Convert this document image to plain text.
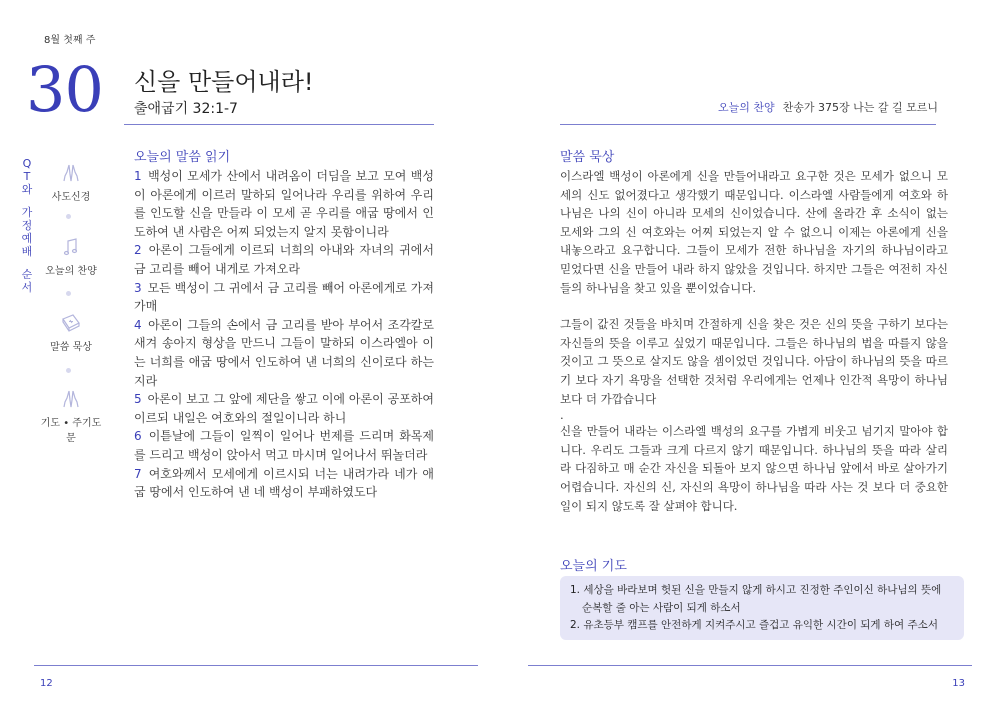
8월 첫째 주
30 신을 만들어내라!
출애굽기 32:1-7	오늘의 찬양 찬송가 375장 나는 갈 길 모르니
Q
T
와
가
정
예
배
순
서
사도신경
오늘의 찬양
말씀 묵상
기도 • 주기도문
오늘의 말씀 읽기
1 백성이 모세가 산에서 내려옴이 더딤을 보고 모여 백성이 아론에게 이르러 말하되 일어나라 우리를 위하여 우리를 인도할 신을 만들라 이 모세 곧 우리를 애굽 땅에서 인도하여 낸 사람은 어찌 되었는지 알지 못함이니라
2 아론이 그들에게 이르되 너희의 아내와 자녀의 귀에서 금 고리를 빼어 내게로 가져오라
3 모든 백성이 그 귀에서 금 고리를 빼어 아론에게로 가져가매
4 아론이 그들의 손에서 금 고리를 받아 부어서 조각칼로 새겨 송아지 형상을 만드니 그들이 말하되 이스라엘아 이는 너희를 애굽 땅에서 인도하여 낸 너희의 신이로다 하는지라
5 아론이 보고 그 앞에 제단을 쌓고 이에 아론이 공포하여 이르되 내일은 여호와의 절일이니라 하니
6 이튿날에 그들이 일찍이 일어나 번제를 드리며 화목제를 드리고 백성이 앉아서 먹고 마시며 일어나서 뛰놀더라
7 여호와께서 모세에게 이르시되 너는 내려가라 네가 애굽 땅에서 인도하여 낸 네 백성이 부패하였도다
말씀 묵상

이스라엘 백성이 아론에게 신을 만들어내라고 요구한 것은 모세가 없으니 모세의 신도 없어졌다고 생각했기 때문입니다. 이스라엘 사람들에게 여호와 하나님은 나의 신이 아니라 모세의 신이었습니다. 산에 올라간 후 소식이 없는 모세와 그의 신 여호와는 어찌 되었는지 알 수 없으니 이제는 아론에게 신을 내놓으라고 요구합니다. 그들이 모세가 전한 하나님을 자기의 하나님이라고 믿었다면 신을 만들어 내라 하지 않았을 것입니다. 하지만 그들은 여전히 자신들의 하나님을 찾고 있을 뿐이었습니다.

그들이 값진 것들을 바치며 간절하게 신을 찾은 것은 신의 뜻을 구하기 보다는 자신들의 뜻을 이루고 싶었기 때문입니다. 그들은 하나님의 법을 따를지 않을 것이고 그 뜻으로 살지도 않을 셈이었던 것입니다. 아담이 하나님의 뜻을 따르기 보다 자기 욕망을 선택한 것처럼 우리에게는 언제나 인간적 욕망이 하나님보다 더 가깝습니다

.

신을 만들어 내라는 이스라엘 백성의 요구를 가볍게 비웃고 넘기지 말아야 합니다. 우리도 그들과 크게 다르지 않기 때문입니다. 하나님의 뜻을 따라 살리라 다짐하고 매 순간 자신을 되돌아 보지 않으면 하나님 앞에서 바로 살아가기 어렵습니다. 자신의 신, 자신의 욕망이 하나님을 따라 사는 것 보다 더 중요한 일이 되지 않도록 잘 살펴야 합니다.

오늘의 기도
1. 세상을 바라보며 헛된 신을 만들지 않게 하시고 진정한 주인이신 하나님의 뜻에
순복할 줄 아는 사람이 되게 하소서
2. 유초등부 캠프를 안전하게 지켜주시고 즐겁고 유익한 시간이 되게 하여 주소서
12	13
